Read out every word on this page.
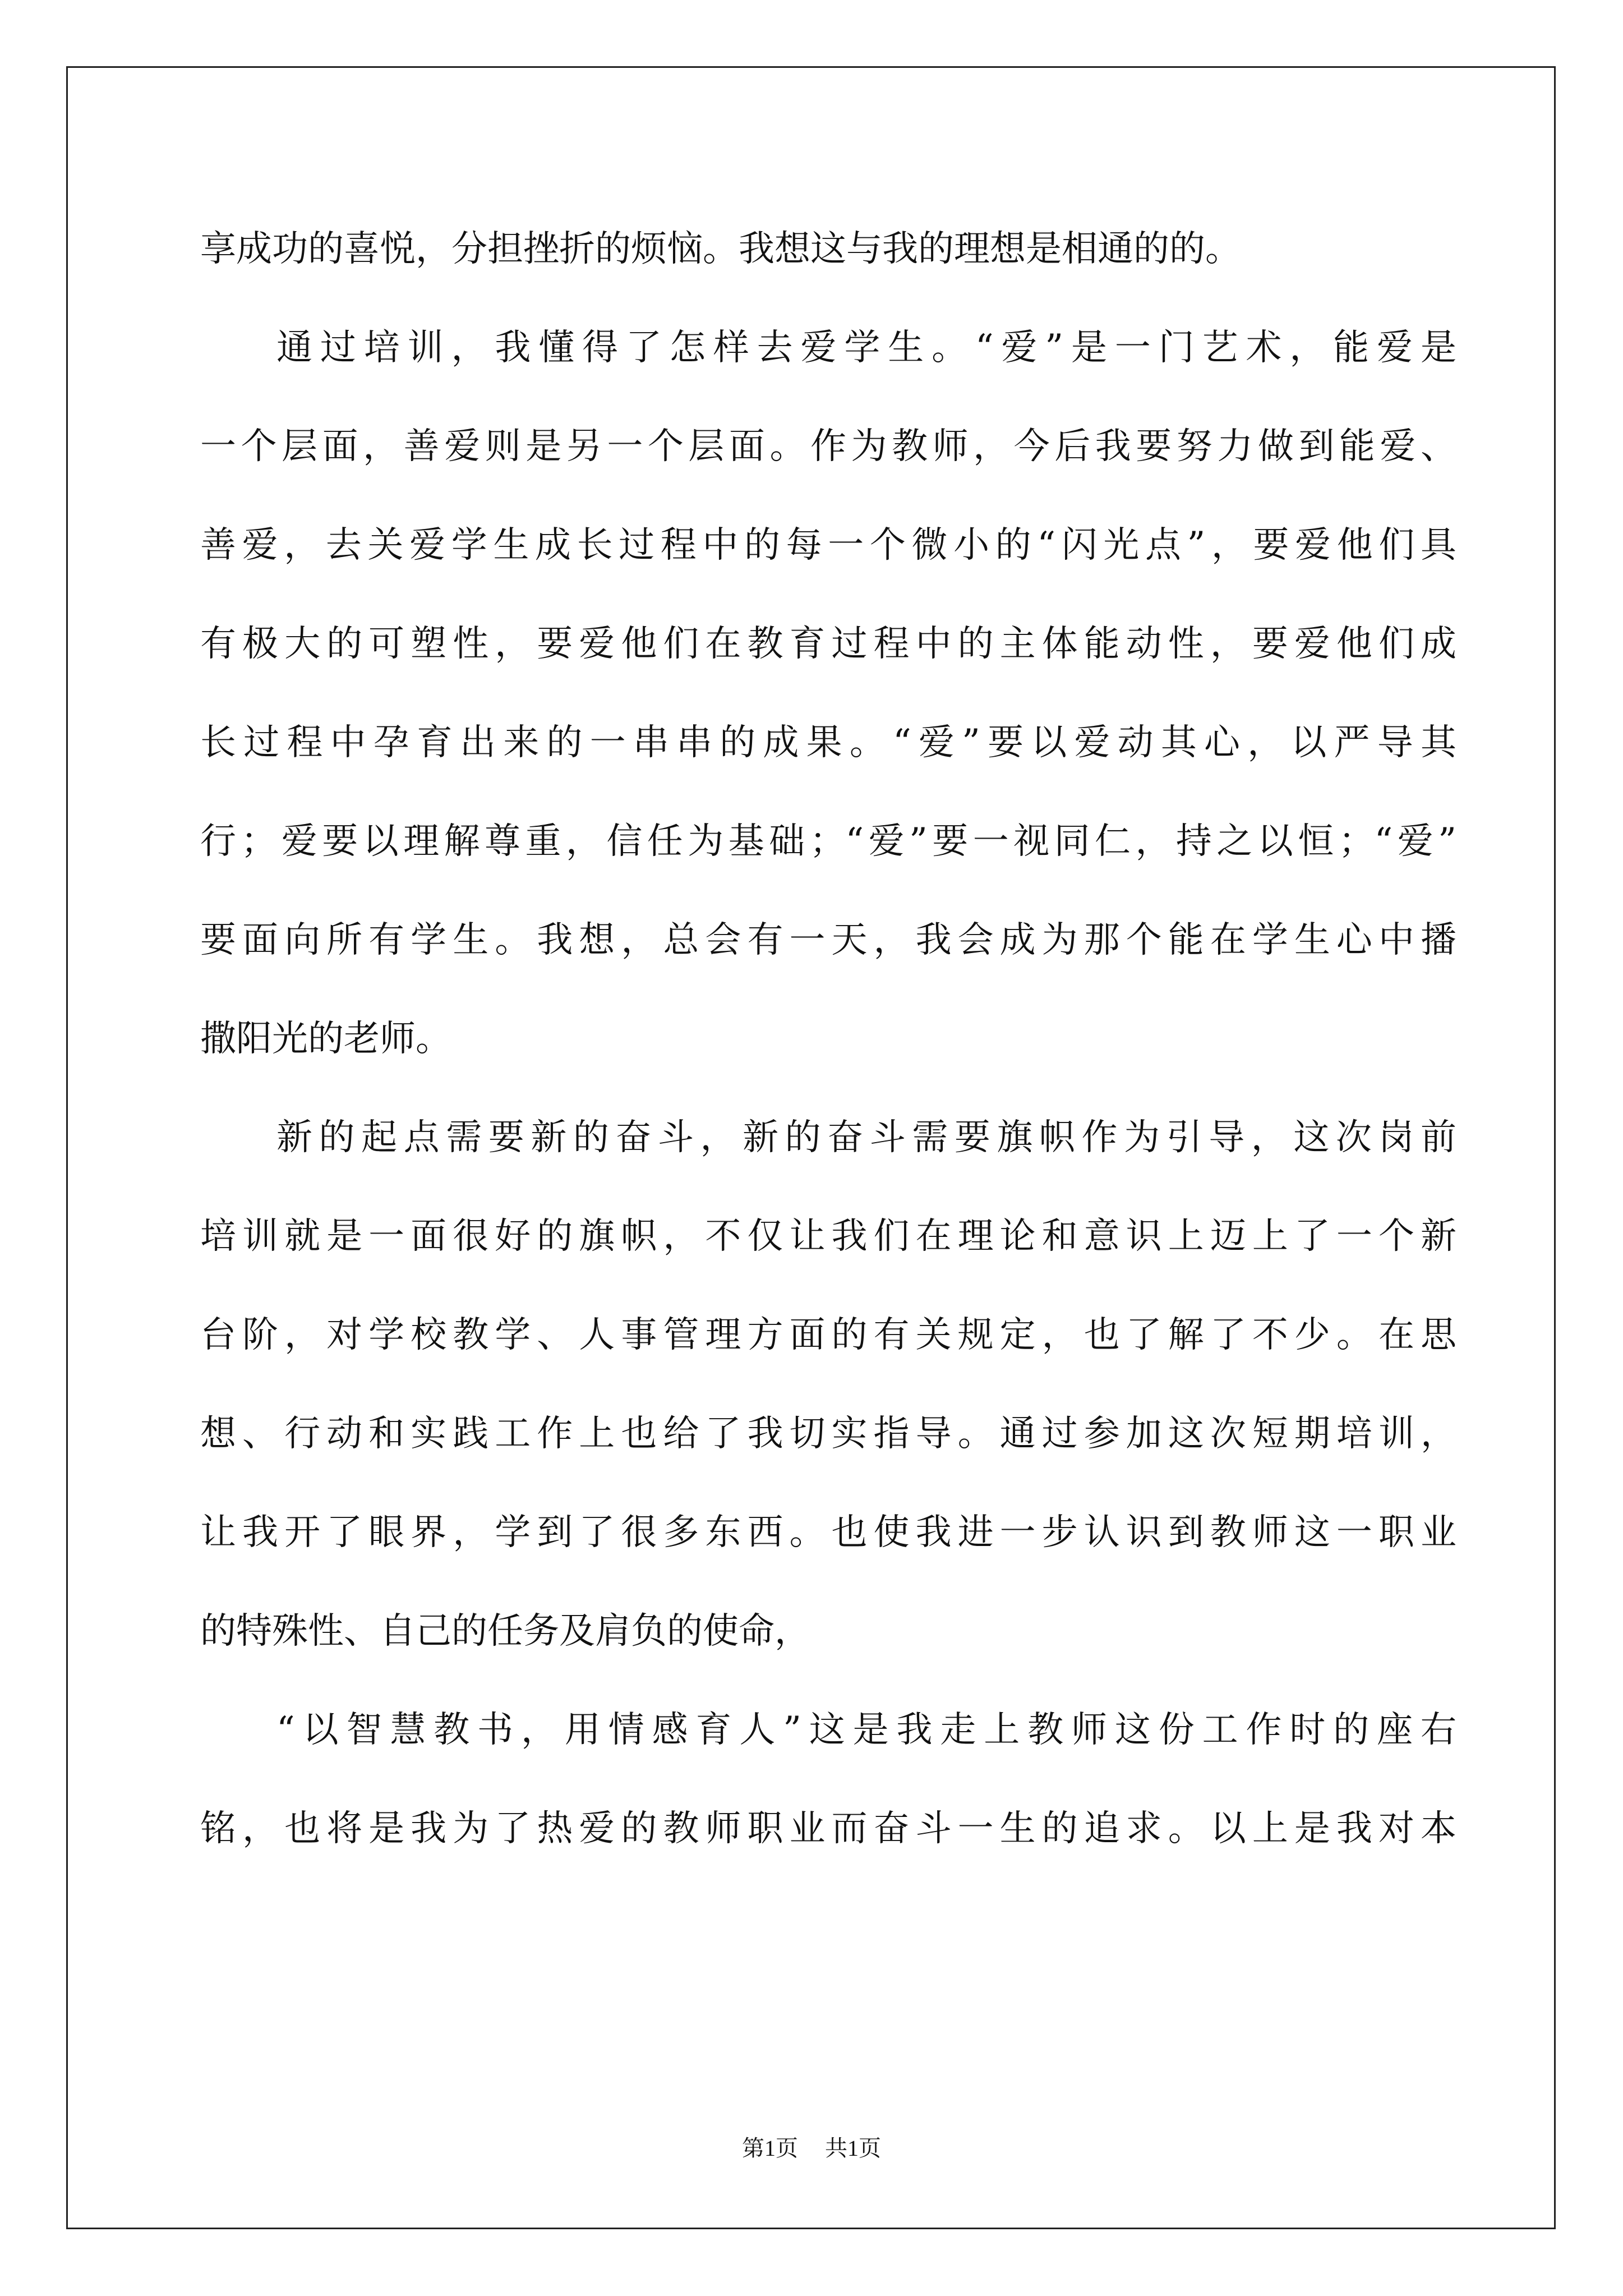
享成功的喜悦，分担挫折的烦恼。我想这与我的理想是相通的的。
通过培训，我懂得了怎样去爱学生。“爱”是一门艺术，能爱是
一个层面，善爱则是另一个层面。作为教师，今后我要努力做到能爱、
善爱，去关爱学生成长过程中的每一个微小的“闪光点”，要爱他们具
有极大的可塑性，要爱他们在教育过程中的主体能动性，要爱他们成
长过程中孕育出来的一串串的成果。“爱”要以爱动其心，以严导其
行；爱要以理解尊重，信任为基础；“爱”要一视同仁，持之以恒；“爱”
要面向所有学生。我想，总会有一天，我会成为那个能在学生心中播
撒阳光的老师。
新的起点需要新的奋斗，新的奋斗需要旗帜作为引导，这次岗前
培训就是一面很好的旗帜，不仅让我们在理论和意识上迈上了一个新
台阶，对学校教学、人事管理方面的有关规定，也了解了不少。在思
想、行动和实践工作上也给了我切实指导。通过参加这次短期培训，
让我开了眼界，学到了很多东西。也使我进一步认识到教师这一职业
的特殊性、自己的任务及肩负的使命，
“以智慧教书，用情感育人”这是我走上教师这份工作时的座右
铭，也将是我为了热爱的教师职业而奋斗一生的追求。以上是我对本
第1页 共1页
